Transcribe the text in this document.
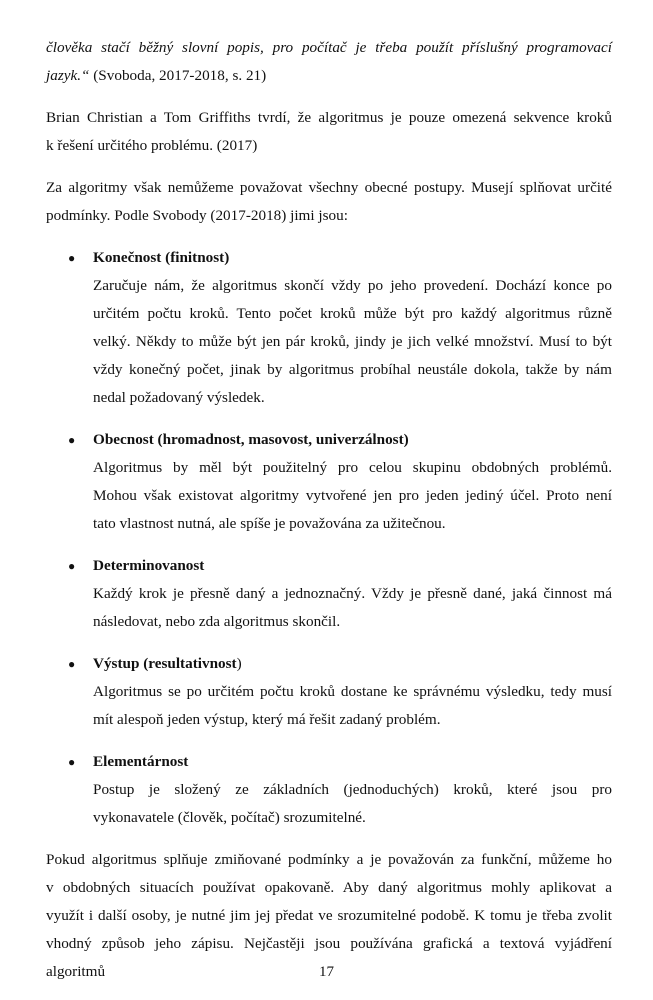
člověka stačí běžný slovní popis, pro počítač je třeba použít příslušný programovací

jazyk.“ (Svoboda, 2017-2018, s. 21)

Brian Christian a Tom Griffiths tvrdí, že algoritmus je pouze omezená sekvence kroků

k řešení určitého problému. (2017)

Za algoritmy však nemůžeme považovat všechny obecné postupy. Musejí splňovat určité

podmínky. Podle Svobody (2017-2018) jimi jsou:

● Konečnost (finitnost)

Zaručuje nám, že algoritmus skončí vždy po jeho provedení. Dochází konce po

určitém počtu kroků. Tento počet kroků může být pro každý algoritmus různě

velký. Někdy to může být jen pár kroků, jindy je jich velké množství. Musí to být

vždy konečný počet, jinak by algoritmus probíhal neustále dokola, takže by nám

nedal požadovaný výsledek.

● Obecnost (hromadnost, masovost, univerzálnost)

Algoritmus by měl být použitelný pro celou skupinu obdobných problémů.

Mohou však existovat algoritmy vytvořené jen pro jeden jediný účel. Proto není

tato vlastnost nutná, ale spíše je považována za užitečnou.

● Determinovanost

Každý krok je přesně daný a jednoznačný. Vždy je přesně dané, jaká činnost má

následovat, nebo zda algoritmus skončil.

● Výstup (resultativnost)

Algoritmus se po určitém počtu kroků dostane ke správnému výsledku, tedy musí

mít alespoň jeden výstup, který má řešit zadaný problém.

● Elementárnost

Postup je složený ze základních (jednoduchých) kroků, které jsou pro

vykonavatele (člověk, počítač) srozumitelné.

Pokud algoritmus splňuje zmiňované podmínky a je považován za funkční, můžeme ho

v obdobných situacích používat opakovaně. Aby daný algoritmus mohly aplikovat a

využít i další osoby, je nutné jim jej předat ve srozumitelné podobě. K tomu je třeba zvolit

vhodný způsob jeho zápisu. Nejčastěji jsou používána grafická a textová vyjádření

algoritmů	17
